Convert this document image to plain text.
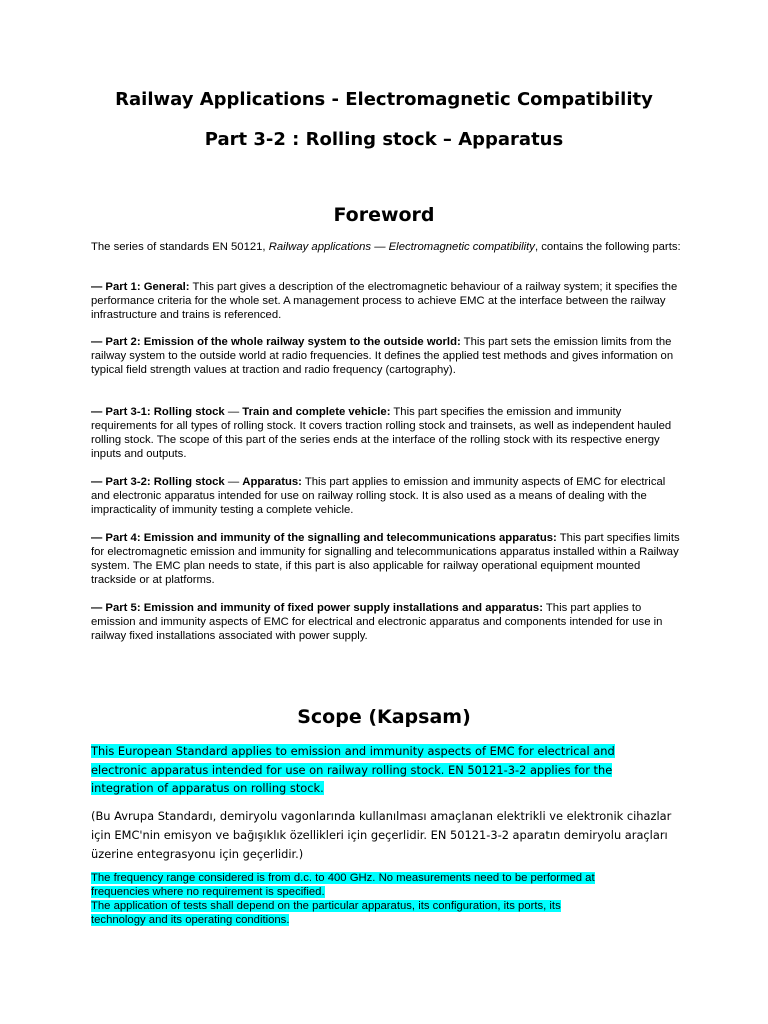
Railway Applications - Electromagnetic Compatibility
Part 3-2 : Rolling stock – Apparatus
Foreword

The series of standards EN 50121, Railway applications — Electromagnetic compatibility, contains the following parts:

— Part 1: General: This part gives a description of the electromagnetic behaviour of a railway system; it specifies the performance criteria for the whole set. A management process to achieve EMC at the interface between the railway infrastructure and trains is referenced.

— Part 2: Emission of the whole railway system to the outside world: This part sets the emission limits from the railway system to the outside world at radio frequencies. It defines the applied test methods and gives information on typical field strength values at traction and radio frequency (cartography).

— Part 3-1: Rolling stock — Train and complete vehicle: This part specifies the emission and immunity requirements for all types of rolling stock. It covers traction rolling stock and trainsets, as well as independent hauled rolling stock. The scope of this part of the series ends at the interface of the rolling stock with its respective energy inputs and outputs.

— Part 3-2: Rolling stock — Apparatus: This part applies to emission and immunity aspects of EMC for electrical and electronic apparatus intended for use on railway rolling stock. It is also used as a means of dealing with the impracticality of immunity testing a complete vehicle.

— Part 4: Emission and immunity of the signalling and telecommunications apparatus: This part specifies limits for electromagnetic emission and immunity for signalling and telecommunications apparatus installed within a Railway system. The EMC plan needs to state, if this part is also applicable for railway operational equipment mounted trackside or at platforms.

— Part 5: Emission and immunity of fixed power supply installations and apparatus: This part applies to emission and immunity aspects of EMC for electrical and electronic apparatus and components intended for use in railway fixed installations associated with power supply.

Scope (Kapsam)

This European Standard applies to emission and immunity aspects of EMC for electrical and
electronic apparatus intended for use on railway rolling stock. EN 50121-3-2 applies for the
integration of apparatus on rolling stock.

(Bu Avrupa Standardı, demiryolu vagonlarında kullanılması amaçlanan elektrikli ve elektronik cihazlar için EMC'nin emisyon ve bağışıklık özellikleri için geçerlidir. EN 50121-3-2 aparatın demiryolu araçları üzerine entegrasyonu için geçerlidir.)

The frequency range considered is from d.c. to 400 GHz. No measurements need to be performed at
frequencies where no requirement is specified.
The application of tests shall depend on the particular apparatus, its configuration, its ports, its
technology and its operating conditions.
